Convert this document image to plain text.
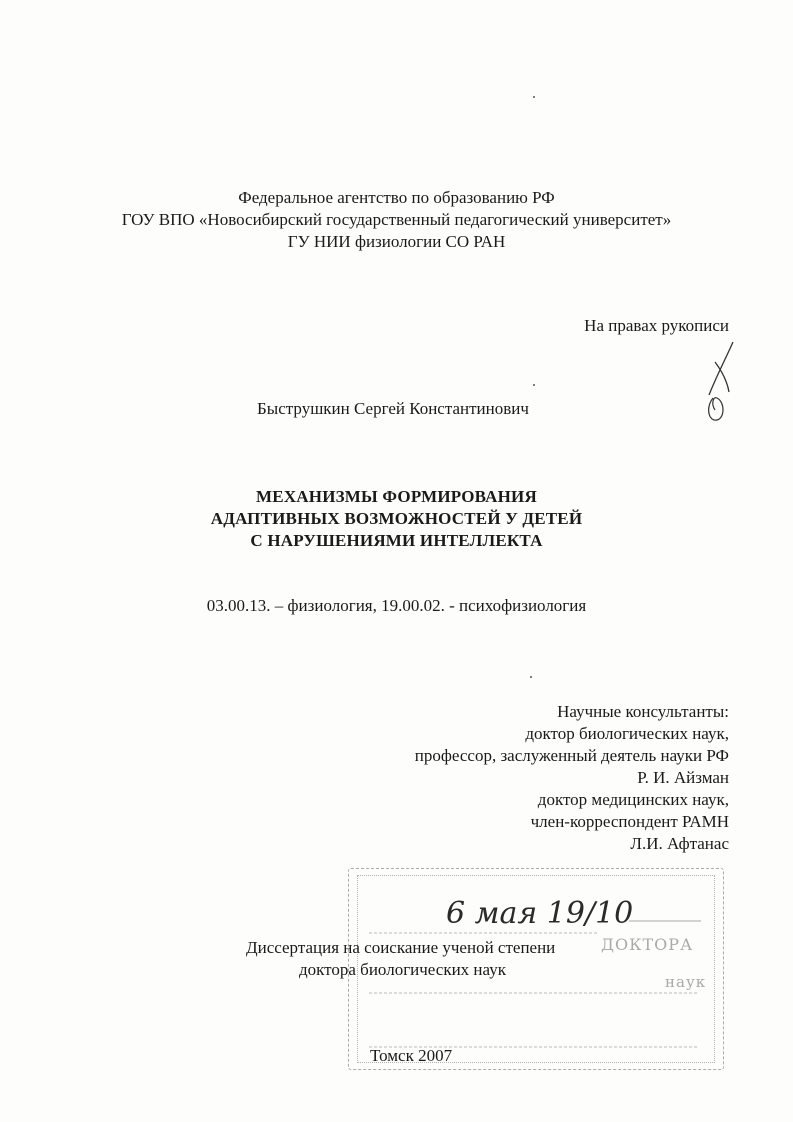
Федеральное агентство по образованию РФ
ГОУ ВПО «Новосибирский государственный педагогический университет»
ГУ НИИ физиологии СО РАН
На правах рукописи
Быструшкин Сергей Константинович
МЕХАНИЗМЫ ФОРМИРОВАНИЯ
АДАПТИВНЫХ ВОЗМОЖНОСТЕЙ У ДЕТЕЙ
С НАРУШЕНИЯМИ ИНТЕЛЛЕКТА
03.00.13. – физиология, 19.00.02. - психофизиология
Научные консультанты:
доктор биологических наук,
профессор, заслуженный деятель науки РФ
Р. И. Айзман
доктор медицинских наук,
член-корреспондент РАМН
Л.И. Афтанас
ДОКТОРА
наук
6 мая 19/10
Диссертация на соискание ученой степени
доктора биологических наук
Томск 2007
